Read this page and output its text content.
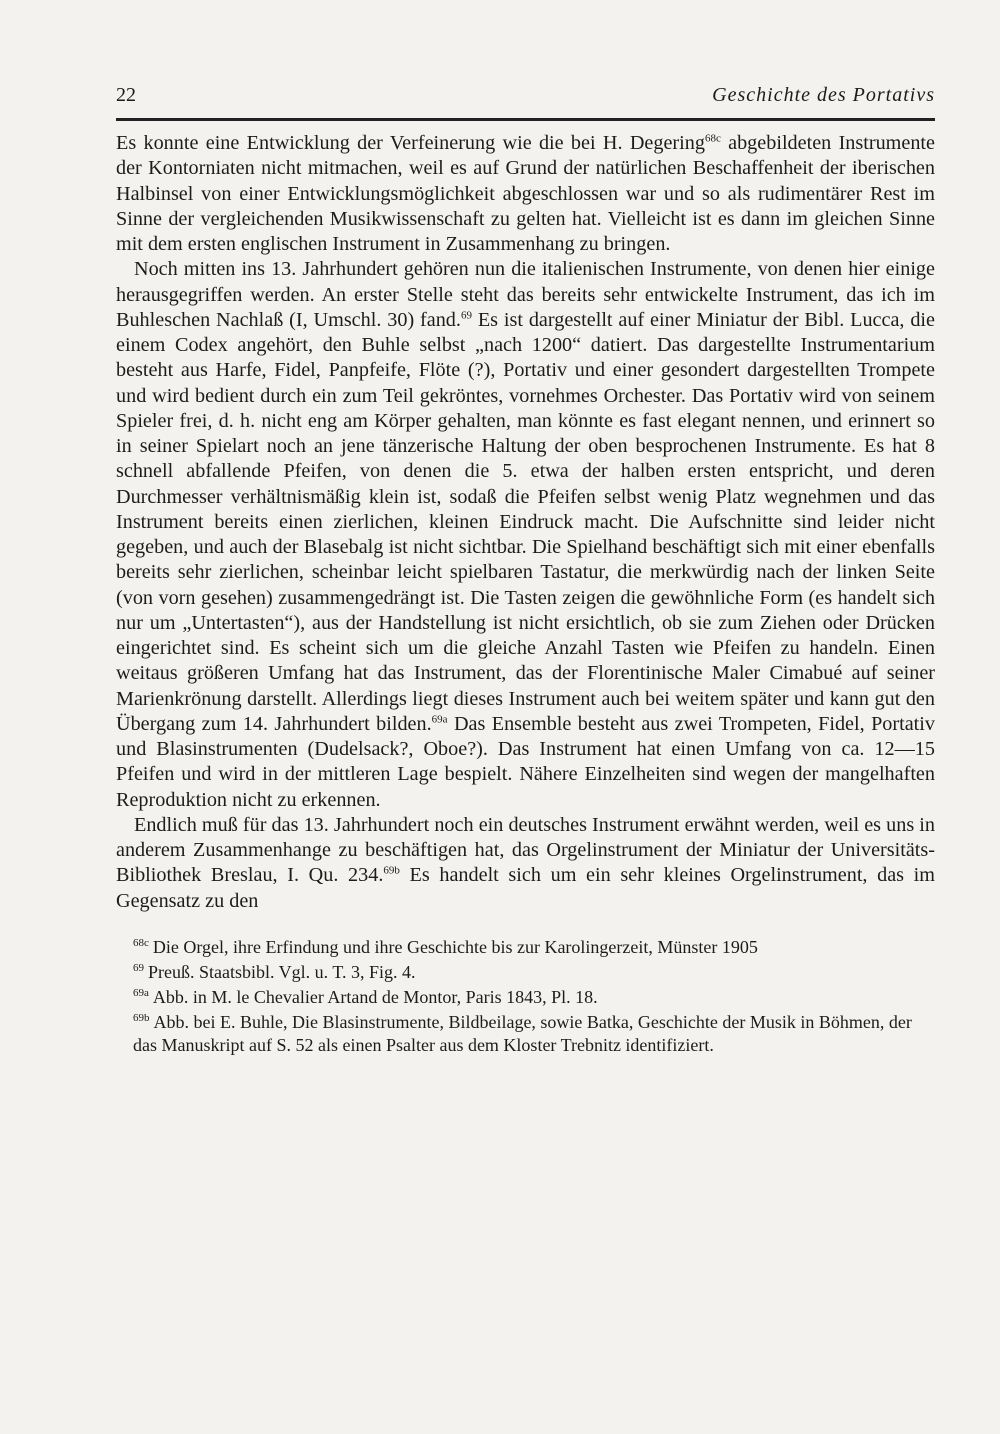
22	Geschichte des Portativs

Es konnte eine Entwicklung der Verfeinerung wie die bei H. Degering$^{68c}$ abgebildeten Instrumente der Kontorniaten nicht mitmachen, weil es auf Grund der natürlichen Beschaffenheit der iberischen Halbinsel von einer Entwicklungsmöglichkeit abgeschlossen war und so als rudimentärer Rest im Sinne der vergleichenden Musikwissenschaft zu gelten hat. Vielleicht ist es dann im gleichen Sinne mit dem ersten englischen Instrument in Zusammenhang zu bringen.

Noch mitten ins 13. Jahrhundert gehören nun die italienischen Instrumente, von denen hier einige herausgegriffen werden. An erster Stelle steht das bereits sehr entwickelte Instrument, das ich im Buhleschen Nachlaß (I, Umschl. 30) fand.$^{69}$ Es ist dargestellt auf einer Miniatur der Bibl. Lucca, die einem Codex angehört, den Buhle selbst „nach 1200“ datiert. Das dargestellte Instrumentarium besteht aus Harfe, Fidel, Panpfeife, Flöte (?), Portativ und einer gesondert dargestellten Trompete und wird bedient durch ein zum Teil gekröntes, vornehmes Orchester. Das Portativ wird von seinem Spieler frei, d. h. nicht eng am Körper gehalten, man könnte es fast elegant nennen, und erinnert so in seiner Spielart noch an jene tänzerische Haltung der oben besprochenen Instrumente. Es hat 8 schnell abfallende Pfeifen, von denen die 5. etwa der halben ersten entspricht, und deren Durchmesser verhältnismäßig klein ist, sodaß die Pfeifen selbst wenig Platz wegnehmen und das Instrument bereits einen zierlichen, kleinen Eindruck macht. Die Aufschnitte sind leider nicht gegeben, und auch der Blasebalg ist nicht sichtbar. Die Spielhand beschäftigt sich mit einer ebenfalls bereits sehr zierlichen, scheinbar leicht spielbaren Tastatur, die merkwürdig nach der linken Seite (von vorn gesehen) zusammengedrängt ist. Die Tasten zeigen die gewöhnliche Form (es handelt sich nur um „Untertasten“), aus der Handstellung ist nicht ersichtlich, ob sie zum Ziehen oder Drücken eingerichtet sind. Es scheint sich um die gleiche Anzahl Tasten wie Pfeifen zu handeln. Einen weitaus größeren Umfang hat das Instrument, das der Florentinische Maler Cimabué auf seiner Marienkrönung darstellt. Allerdings liegt dieses Instrument auch bei weitem später und kann gut den Übergang zum 14. Jahrhundert bilden.$^{69a}$ Das Ensemble besteht aus zwei Trompeten, Fidel, Portativ und Blasinstrumenten (Dudelsack?, Oboe?). Das Instrument hat einen Umfang von ca. 12—15 Pfeifen und wird in der mittleren Lage bespielt. Nähere Einzelheiten sind wegen der mangelhaften Reproduktion nicht zu erkennen.

Endlich muß für das 13. Jahrhundert noch ein deutsches Instrument erwähnt werden, weil es uns in anderem Zusammenhange zu beschäftigen hat, das Orgelinstrument der Miniatur der Universitäts-Bibliothek Breslau, I. Qu. 234.$^{69b}$ Es handelt sich um ein sehr kleines Orgelinstrument, das im Gegensatz zu den

$^{68c}$ Die Orgel, ihre Erfindung und ihre Geschichte bis zur Karolingerzeit, Münster 1905

$^{69}$ Preuß. Staatsbibl. Vgl. u. T. 3, Fig. 4.

$^{69a}$ Abb. in M. le Chevalier Artand de Montor, Paris 1843, Pl. 18.

$^{69b}$ Abb. bei E. Buhle, Die Blasinstrumente, Bildbeilage, sowie Batka, Geschichte der Musik in Böhmen, der das Manuskript auf S. 52 als einen Psalter aus dem Kloster Trebnitz identifiziert.
